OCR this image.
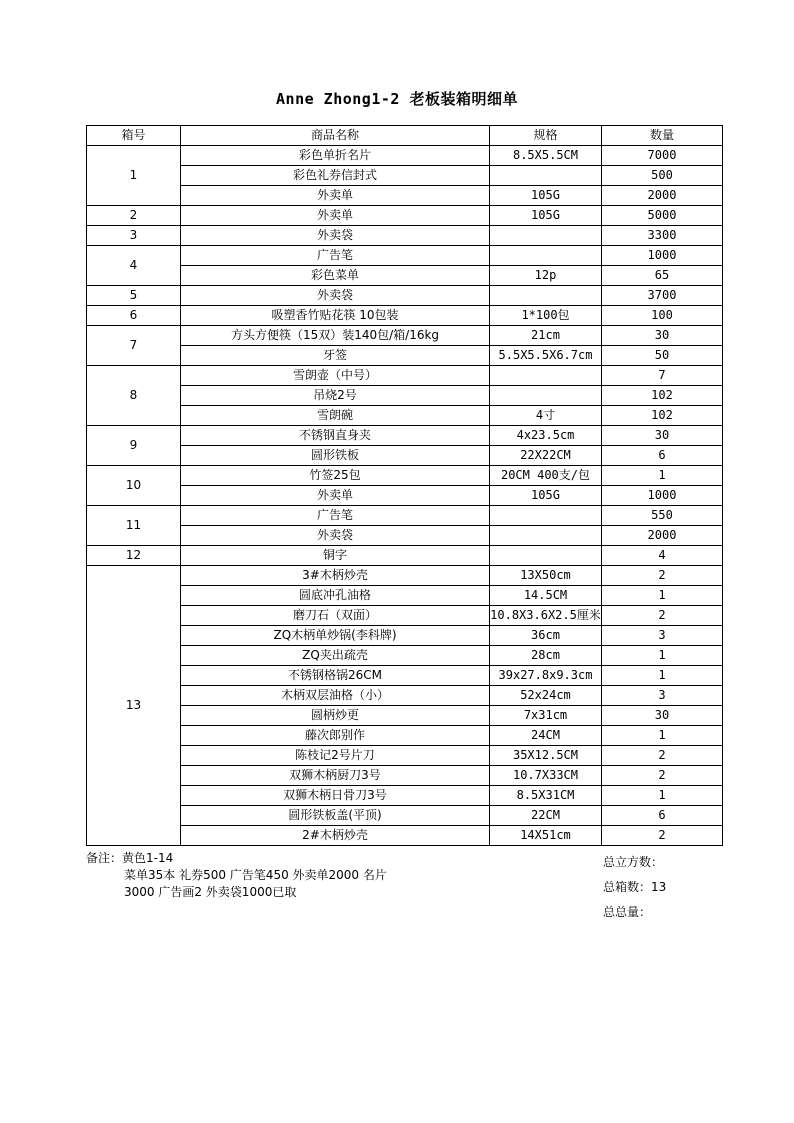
Anne Zhong1-2 老板装箱明细单
箱号	商品名称	规格	数量
1	彩色单折名片	8.5X5.5CM	7000
	彩色礼券信封式		500
	外卖单	105G	2000
2	外卖单	105G	5000
3	外卖袋		3300
4	广告笔		1000
	彩色菜单	12p	65
5	外卖袋		3700
6	吸塑香竹贴花筷 10包装	1*100包	100
7	方头方便筷（15双）装140包/箱/16kg	21cm	30
	牙签	5.5X5.5X6.7cm	50
8	雪朗壶（中号）		7
	吊烧2号		102
	雪朗碗	4寸	102
9	不锈钢直身夹	4x23.5cm	30
	圆形铁板	22X22CM	6
10	竹签25包	20CM 400支/包	1
	外卖单	105G	1000
11	广告笔		550
	外卖袋		2000
12	铜字		4
13	3#木柄炒壳	13X50cm	2
	圆底冲孔油格	14.5CM	1
	磨刀石（双面）	10.8X3.6X2.5厘米	2
	ZQ木柄单炒锅(李科牌)	36cm	3
	ZQ夹出疏壳	28cm	1
	不锈钢格锅26CM	39x27.8x9.3cm	1
	木柄双层油格（小）	52x24cm	3
	圆柄炒更	7x31cm	30
	藤次郎别作	24CM	1
	陈枝记2号片刀	35X12.5CM	2
	双狮木柄厨刀3号	10.7X33CM	2
	双狮木柄日骨刀3号	8.5X31CM	1
	圆形铁板盖(平顶)	22CM	6
	2#木柄炒壳	14X51cm	2
备注：黄色1-14
菜单35本 礼券500 广告笔450 外卖单2000 名片
3000 广告画2 外卖袋1000已取
总立方数：
总箱数：13
总总量：
